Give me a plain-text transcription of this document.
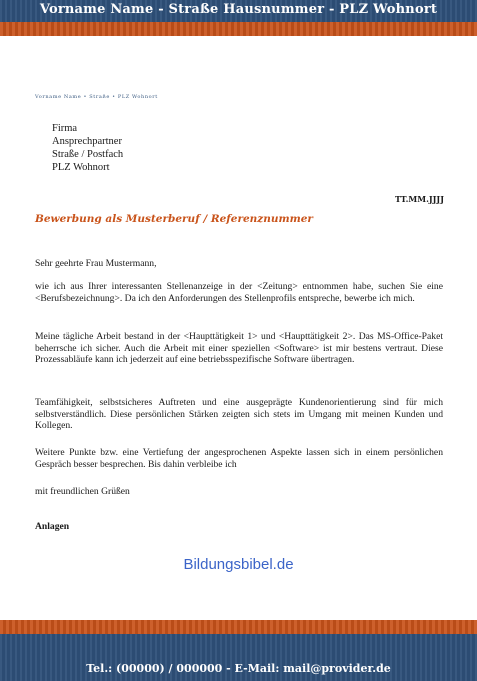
Vorname Name - Straße Hausnummer - PLZ Wohnort
Vorname Name • Straße • PLZ Wohnort
Firma
Ansprechpartner
Straße / Postfach
PLZ Wohnort
TT.MM.JJJJ
Bewerbung als Musterberuf / Referenznummer
Sehr geehrte Frau Mustermann,
wie ich aus Ihrer interessanten Stellenanzeige in der <Zeitung> entnommen habe, suchen Sie eine <Berufsbezeichnung>. Da ich den Anforderungen des Stellenprofils entspreche, bewerbe ich mich.
Meine tägliche Arbeit bestand in der <Haupttätigkeit 1> und <Haupttätigkeit 2>. Das MS-Office-Paket beherrsche ich sicher. Auch die Arbeit mit einer speziellen <Software> ist mir bestens vertraut. Diese Prozessabläufe kann ich jederzeit auf eine betriebsspezifische Software übertragen.
Teamfähigkeit, selbstsicheres Auftreten und eine ausgeprägte Kundenorientierung sind für mich selbstverständlich. Diese persönlichen Stärken zeigten sich stets im Umgang mit meinen Kunden und Kollegen.
Weitere Punkte bzw. eine Vertiefung der angesprochenen Aspekte lassen sich in einem persönlichen Gespräch besser besprechen. Bis dahin verbleibe ich
mit freundlichen Grüßen
Anlagen
Bildungsbibel.de
Tel.: (00000) / 000000 - E-Mail: mail@provider.de
